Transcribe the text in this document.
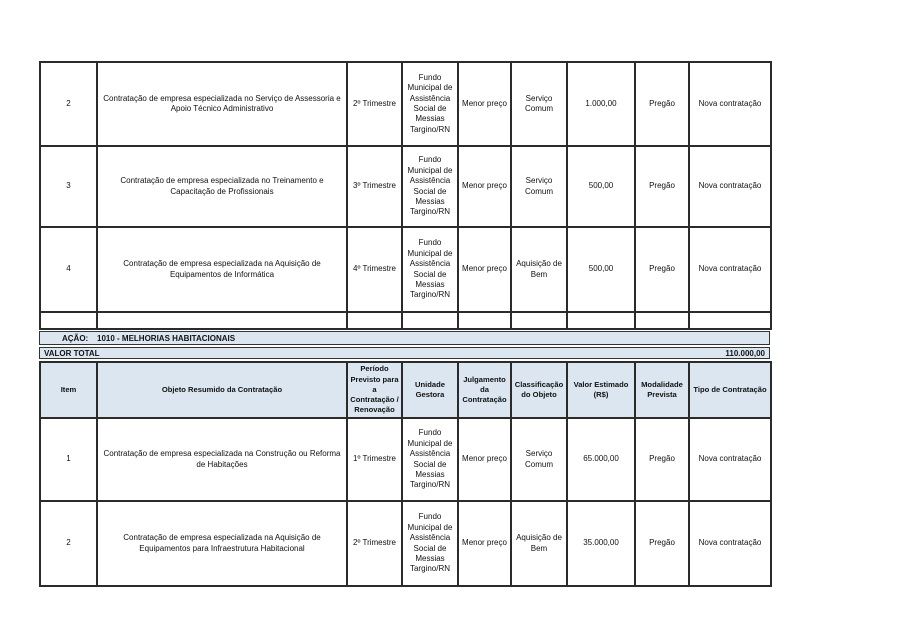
2	Contratação de empresa especializada no Serviço de Assessoria e Apoio Técnico Administrativo	2º Trimestre	Fundo Municipal de Assistência Social de Messias Targino/RN	Menor preço	Serviço Comum	1.000,00	Pregão	Nova contratação
3	Contratação de empresa especializada no Treinamento e Capacitação de Profissionais	3º Trimestre	Fundo Municipal de Assistência Social de Messias Targino/RN	Menor preço	Serviço Comum	500,00	Pregão	Nova contratação
4	Contratação de empresa especializada na Aquisição de Equipamentos de Informática	4º Trimestre	Fundo Municipal de Assistência Social de Messias Targino/RN	Menor preço	Aquisição de Bem	500,00	Pregão	Nova contratação

AÇÃO:	1010 - MELHORIAS HABITACIONAIS
VALOR TOTAL	110.000,00
Item	Objeto Resumido da Contratação	Período Previsto para a Contratação / Renovação	Unidade Gestora	Julgamento da Contratação	Classificação do Objeto	Valor Estimado (R$)	Modalidade Prevista	Tipo de Contratação
1	Contratação de empresa especializada na Construção ou Reforma de Habitações	1º Trimestre	Fundo Municipal de Assistência Social de Messias Targino/RN	Menor preço	Serviço Comum	65.000,00	Pregão	Nova contratação
2	Contratação de empresa especializada na Aquisição de Equipamentos para Infraestrutura Habitacional	2º Trimestre	Fundo Municipal de Assistência Social de Messias Targino/RN	Menor preço	Aquisição de Bem	35.000,00	Pregão	Nova contratação
